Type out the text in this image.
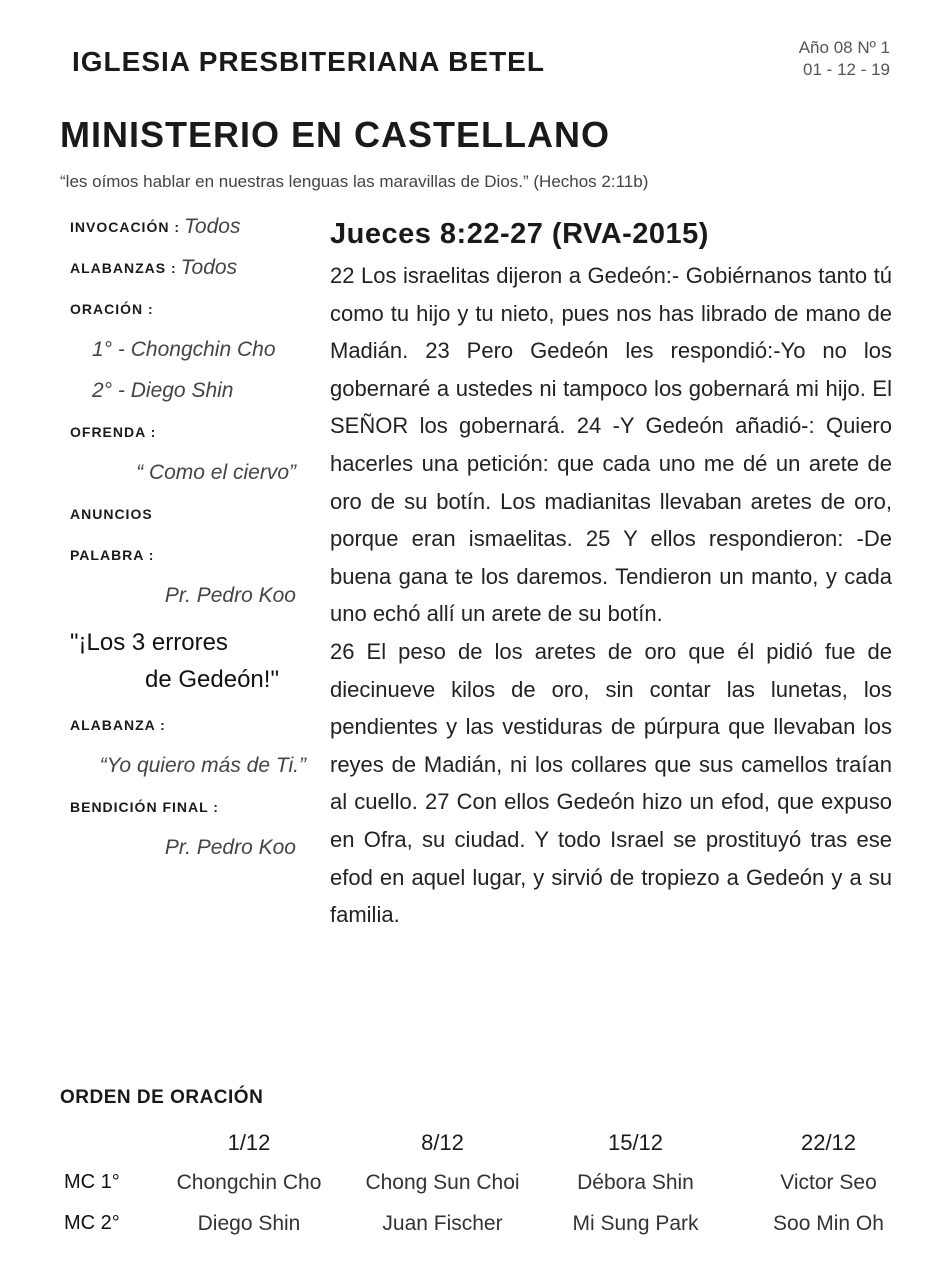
IGLESIA PRESBITERIANA BETEL	Año 08 Nº 1
01 - 12 - 19
MINISTERIO EN CASTELLANO
“les oímos hablar en nuestras lenguas las maravillas de Dios.” (Hechos 2:11b)
INVOCACIÓN : Todos
ALABANZAS : Todos
ORACIÓN :
1° - Chongchin Cho
2° - Diego Shin
OFRENDA :
“ Como el ciervo”
ANUNCIOS
PALABRA :
Pr. Pedro Koo
"¡Los 3 errores
de Gedeón!"
ALABANZA :
“Yo quiero más de Ti.”
BENDICIÓN FINAL :
Pr. Pedro Koo
Jueces 8:22-27 (RVA-2015)

22 Los israelitas dijeron a Gedeón:- Gobiérnanos tanto tú como tu hijo y tu nieto, pues nos has librado de mano de Madián. 23 Pero Gedeón les respondió:-Yo no los gobernaré a ustedes ni tampoco los gobernará mi hijo. El SEÑOR los gobernará. 24 -Y Gedeón añadió-: Quiero hacerles una petición: que cada uno me dé un arete de oro de su botín. Los madianitas llevaban aretes de oro, porque eran ismaelitas. 25 Y ellos respondieron: -De buena gana te los daremos. Tendieron un manto, y cada uno echó allí un arete de su botín.

26 El peso de los aretes de oro que él pidió fue de diecinueve kilos de oro, sin contar las lunetas, los pendientes y las vestiduras de púrpura que llevaban los reyes de Madián, ni los collares que sus camellos traían al cuello. 27 Con ellos Gedeón hizo un efod, que expuso en Ofra, su ciudad. Y todo Israel se prostituyó tras ese efod en aquel lugar, y sirvió de tropiezo a Gedeón y a su familia.

ORDEN DE ORACIÓN
	1/12	8/12	15/12	22/12
MC 1°	Chongchin Cho	Chong Sun Choi	Débora Shin	Victor Seo
MC 2°	Diego Shin	Juan Fischer	Mi Sung Park	Soo Min Oh
